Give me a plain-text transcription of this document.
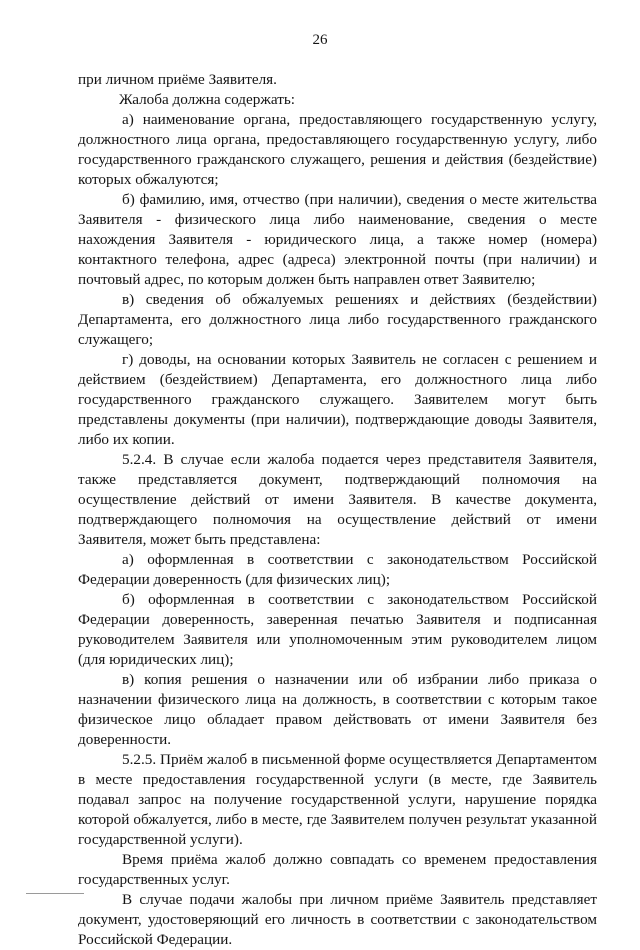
26

при личном приёме Заявителя.

Жалоба должна содержать:

а) наименование органа, предоставляющего государственную услугу, должностного лица органа, предоставляющего государственную услугу, либо государственного гражданского служащего, решения и действия (бездействие) которых обжалуются;

б) фамилию, имя, отчество (при наличии), сведения о месте жительства Заявителя - физического лица либо наименование, сведения о месте нахождения Заявителя - юридического лица, а также номер (номера) контактного телефона, адрес (адреса) электронной почты (при наличии) и почтовый адрес, по которым должен быть направлен ответ Заявителю;

в) сведения об обжалуемых решениях и действиях (бездействии) Департамента, его должностного лица либо государственного гражданского служащего;

г) доводы, на основании которых Заявитель не согласен с решением и действием (бездействием) Департамента, его должностного лица либо государственного гражданского служащего. Заявителем могут быть представлены документы (при наличии), подтверждающие доводы Заявителя, либо их копии.

5.2.4. В случае если жалоба подается через представителя Заявителя, также представляется документ, подтверждающий полномочия на осуществление действий от имени Заявителя. В качестве документа, подтверждающего полномочия на осуществление действий от имени Заявителя, может быть представлена:

а) оформленная в соответствии с законодательством Российской Федерации доверенность (для физических лиц);

б) оформленная в соответствии с законодательством Российской Федерации доверенность, заверенная печатью Заявителя и подписанная руководителем Заявителя или уполномоченным этим руководителем лицом (для юридических лиц);

в) копия решения о назначении или об избрании либо приказа о назначении физического лица на должность, в соответствии с которым такое физическое лицо обладает правом действовать от имени Заявителя без доверенности.

5.2.5. Приём жалоб в письменной форме осуществляется Департаментом в месте предоставления государственной услуги (в месте, где Заявитель подавал запрос на получение государственной услуги, нарушение порядка которой обжалуется, либо в месте, где Заявителем получен результат указанной государственной услуги).

Время приёма жалоб должно совпадать со временем предоставления государственных услуг.

В случае подачи жалобы при личном приёме Заявитель представляет документ, удостоверяющий его личность в соответствии с законодательством Российской Федерации.
